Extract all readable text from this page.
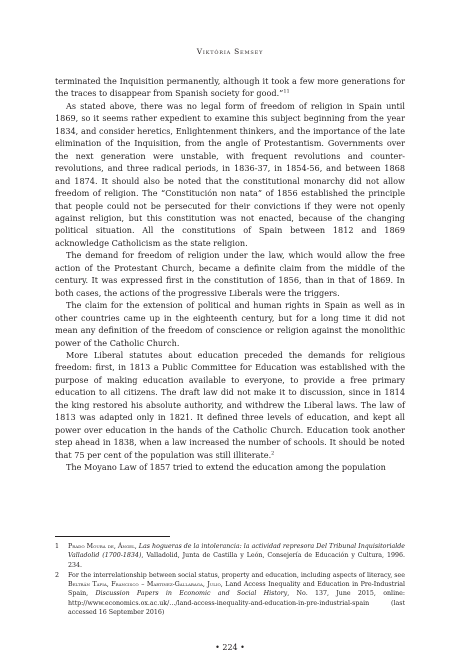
Viktória Semsey

terminated the Inquisition permanently, although it took a few more generations for the traces to disappear from Spanish society for good.”$^{11}$

As stated above, there was no legal form of freedom of religion in Spain until 1869, so it seems rather expedient to examine this subject beginning from the year 1834, and consider heretics, Enlightenment thinkers, and the importance of the late elimination of the Inquisition, from the angle of Protestantism. Governments over the next generation were unstable, with frequent revolutions and counter-revolutions, and three radical periods, in 1836-37, in 1854-56, and between 1868 and 1874. It should also be noted that the constitutional monarchy did not allow freedom of religion. The “Constitución non nata” of 1856 established the principle that people could not be persecuted for their convictions if they were not openly against religion, but this constitution was not enacted, because of the changing political situation. All the constitutions of Spain between 1812 and 1869 acknowledge Catholicism as the state religion.

The demand for freedom of religion under the law, which would allow the free action of the Protestant Church, became a definite claim from the middle of the century. It was expressed first in the constitution of 1856, than in that of 1869. In both cases, the actions of the progressive Liberals were the triggers.

The claim for the extension of political and human rights in Spain as well as in other countries came up in the eighteenth century, but for a long time it did not mean any definition of the freedom of conscience or religion against the monolithic power of the Catholic Church.

More Liberal statutes about education preceded the demands for religious freedom: first, in 1813 a Public Committee for Education was established with the purpose of making education available to everyone, to provide a free primary education to all citizens. The draft law did not make it to discussion, since in 1814 the king restored his absolute authority, and withdrew the Liberal laws. The law of 1813 was adapted only in 1821. It defined three levels of education, and kept all power over education in the hands of the Catholic Church. Education took another step ahead in 1838, when a law increased the number of schools. It should be noted that 75 per cent of the population was still illiterate.$^2$

The Moyano Law of 1857 tried to extend the education among the population

1	Prado Moura de, Ángel, Las hogueras de la intolerancia: la actividad represora Del Tribunal Inquisitorialde Valladolid (1700-1834), Valladolid, Junta de Castilla y León, Consejería de Educación y Cultura, 1996. 234.
2	For the interrelationship between social status, property and education, including aspects of literacy, see Beltrán Tapia, Francisco – Martinez-Gallaraga, Julio, Land Access Inequality and Education in Pre-Industrial Spain, Discussion Papers in Economic and Social History, No. 137, June 2015, online: http://www.economics.ox.ac.uk/…/land-access-inequality-and-education-in-pre-industrial-spain (last accessed 16 September 2016)
• 224 •
